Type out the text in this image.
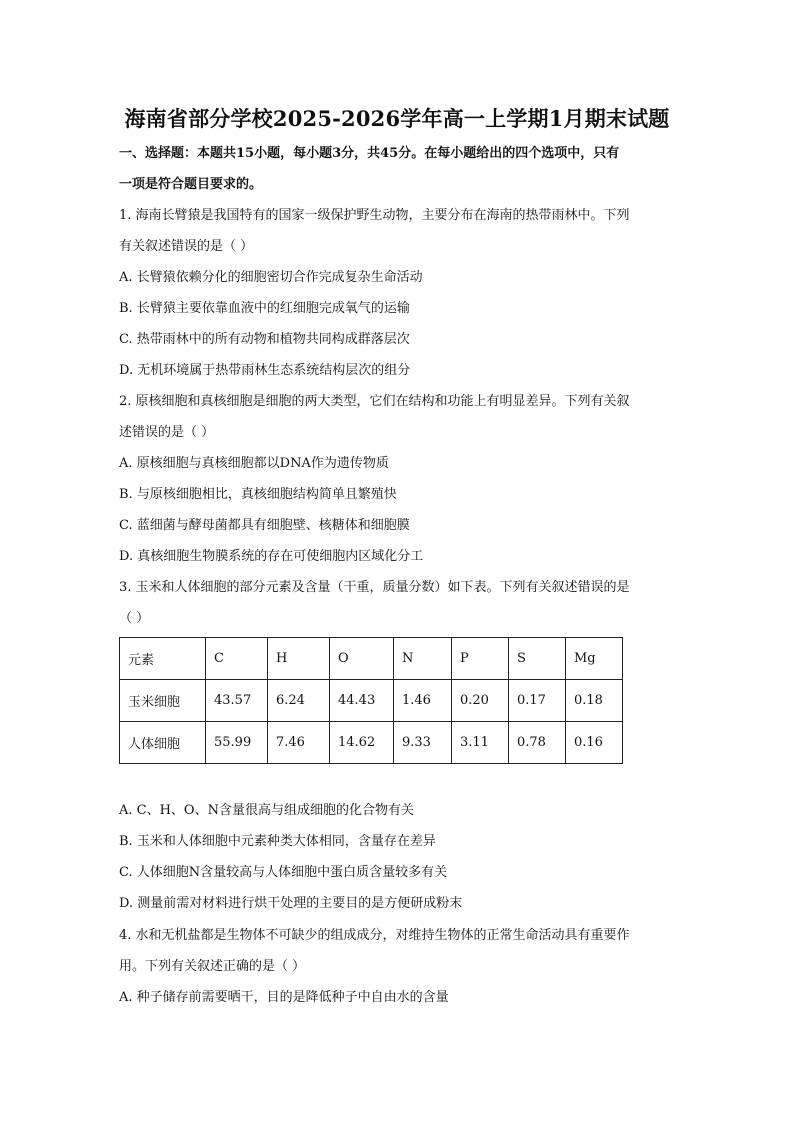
海南省部分学校2025-2026学年高一上学期1月期末试题
一、选择题：本题共15小题，每小题3分，共45分。在每小题给出的四个选项中，只有
一项是符合题目要求的。
1. 海南长臂猿是我国特有的国家一级保护野生动物，主要分布在海南的热带雨林中。下列
有关叙述错误的是（ ）
A. 长臂猿依赖分化的细胞密切合作完成复杂生命活动
B. 长臂猿主要依靠血液中的红细胞完成氧气的运输
C. 热带雨林中的所有动物和植物共同构成群落层次
D. 无机环境属于热带雨林生态系统结构层次的组分
2. 原核细胞和真核细胞是细胞的两大类型，它们在结构和功能上有明显差异。下列有关叙
述错误的是（ ）
A. 原核细胞与真核细胞都以DNA作为遗传物质
B. 与原核细胞相比，真核细胞结构简单且繁殖快
C. 蓝细菌与酵母菌都具有细胞壁、核糖体和细胞膜
D. 真核细胞生物膜系统的存在可使细胞内区域化分工
3. 玉米和人体细胞的部分元素及含量（干重，质量分数）如下表。下列有关叙述错误的是
（ ）
元素	C	H	O	N	P	S	Mg
玉米细胞	43.57	6.24	44.43	1.46	0.20	0.17	0.18
人体细胞	55.99	7.46	14.62	9.33	3.11	0.78	0.16
A. C、H、O、N含量很高与组成细胞的化合物有关
B. 玉米和人体细胞中元素种类大体相同，含量存在差异
C. 人体细胞N含量较高与人体细胞中蛋白质含量较多有关
D. 测量前需对材料进行烘干处理的主要目的是方便研成粉末
4. 水和无机盐都是生物体不可缺少的组成成分，对维持生物体的正常生命活动具有重要作
用。下列有关叙述正确的是（ ）
A. 种子储存前需要晒干，目的是降低种子中自由水的含量
